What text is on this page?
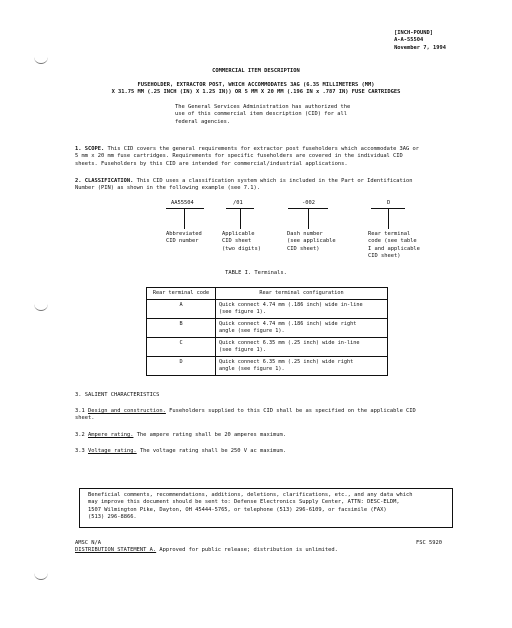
[INCH-POUND]
A-A-55504
November 7, 1994
COMMERCIAL ITEM DESCRIPTION
FUSEHOLDER, EXTRACTOR POST, WHICH ACCOMMODATES 3AG (6.35 MILLIMETERS (MM)
X 31.75 MM (.25 INCH (IN) X 1.25 IN)) OR 5 MM X 20 MM (.196 IN x .787 IN) FUSE CARTRIDGES
The General Services Administration has authorized the
use of this commercial item description (CID) for all
federal agencies.
1. SCOPE. This CID covers the general requirements for extractor post fuseholders which accommodate 3AG or
5 mm x 20 mm fuse cartridges. Requirements for specific fuseholders are covered in the individual CID
sheets. Fuseholders by this CID are intended for commercial/industrial applications.
2. CLASSIFICATION. This CID uses a classification system which is included in the Part or Identification
Number (PIN) as shown in the following example (see 7.1).
AA55504	/01	-002	D
Abbreviated
CID number
Applicable
CID sheet
(two digits)
Dash number
(see applicable
CID sheet)
Rear terminal
code (see table
I and applicable
CID sheet)
TABLE I. Terminals.
Rear terminal code	Rear terminal configuration
A	Quick connect 4.74 mm (.186 inch) wide in-line
(see figure 1).

B	Quick connect 4.74 mm (.186 inch) wide right
angle (see figure 1).

C	Quick connect 6.35 mm (.25 inch) wide in-line
(see figure 1).

D	Quick connect 6.35 mm (.25 inch) wide right
angle (see figure 1).
3. SALIENT CHARACTERISTICS
3.1 Design and construction. Fuseholders supplied to this CID shall be as specified on the applicable CID
sheet.
3.2 Ampere rating. The ampere rating shall be 20 amperes maximum.
3.3 Voltage rating. The voltage rating shall be 250 V ac maximum.
Beneficial comments, recommendations, additions, deletions, clarifications, etc., and any data which
may improve this document should be sent to: Defense Electronics Supply Center, ATTN: DESC-ELDM,
1507 Wilmington Pike, Dayton, OH 45444-5765, or telephone (513) 296-6109, or facsimile (FAX)
(513) 296-8866.
AMSC N/A	FSC 5920
DISTRIBUTION STATEMENT A. Approved for public release; distribution is unlimited.
